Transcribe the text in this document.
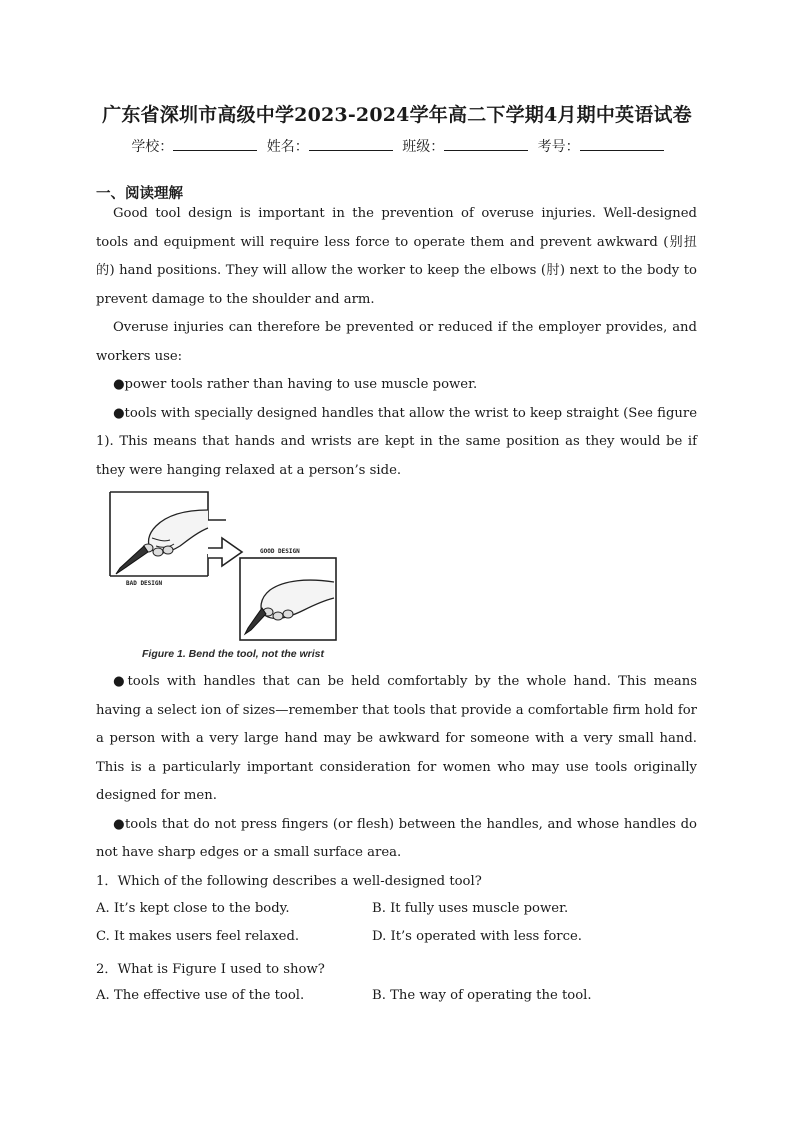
广东省深圳市高级中学2023-2024学年高二下学期4月期中英语试卷
学校：	姓名：	班级：	考号：
一、阅读理解

Good tool design is important in the prevention of overuse injuries. Well-designed tools and equipment will require less force to operate them and prevent awkward (别扭的) hand positions. They will allow the worker to keep the elbows (肘) next to the body to prevent damage to the shoulder and arm.

Overuse injuries can therefore be prevented or reduced if the employer provides, and workers use:

●power tools rather than having to use muscle power.

●tools with specially designed handles that allow the wrist to keep straight (See figure 1). This means that hands and wrists are kept in the same position as they would be if they were hanging relaxed at a person’s side.

GOOD DESIGN
BAD DESIGN
Figure 1. Bend the tool, not the wrist

●tools with handles that can be held comfortably by the whole hand. This means having a select ion of sizes—remember that tools that provide a comfortable firm hold for a person with a very large hand may be awkward for someone with a very small hand. This is a particularly important consideration for women who may use tools originally designed for men.

●tools that do not press fingers (or flesh) between the handles, and whose handles do not have sharp edges or a small surface area.

1．Which of the following describes a well-designed tool?
A. It’s kept close to the body.	B. It fully uses muscle power.
C. It makes users feel relaxed.	D. It’s operated with less force.
2．What is Figure I used to show?
A. The effective use of the tool.	B. The way of operating the tool.
